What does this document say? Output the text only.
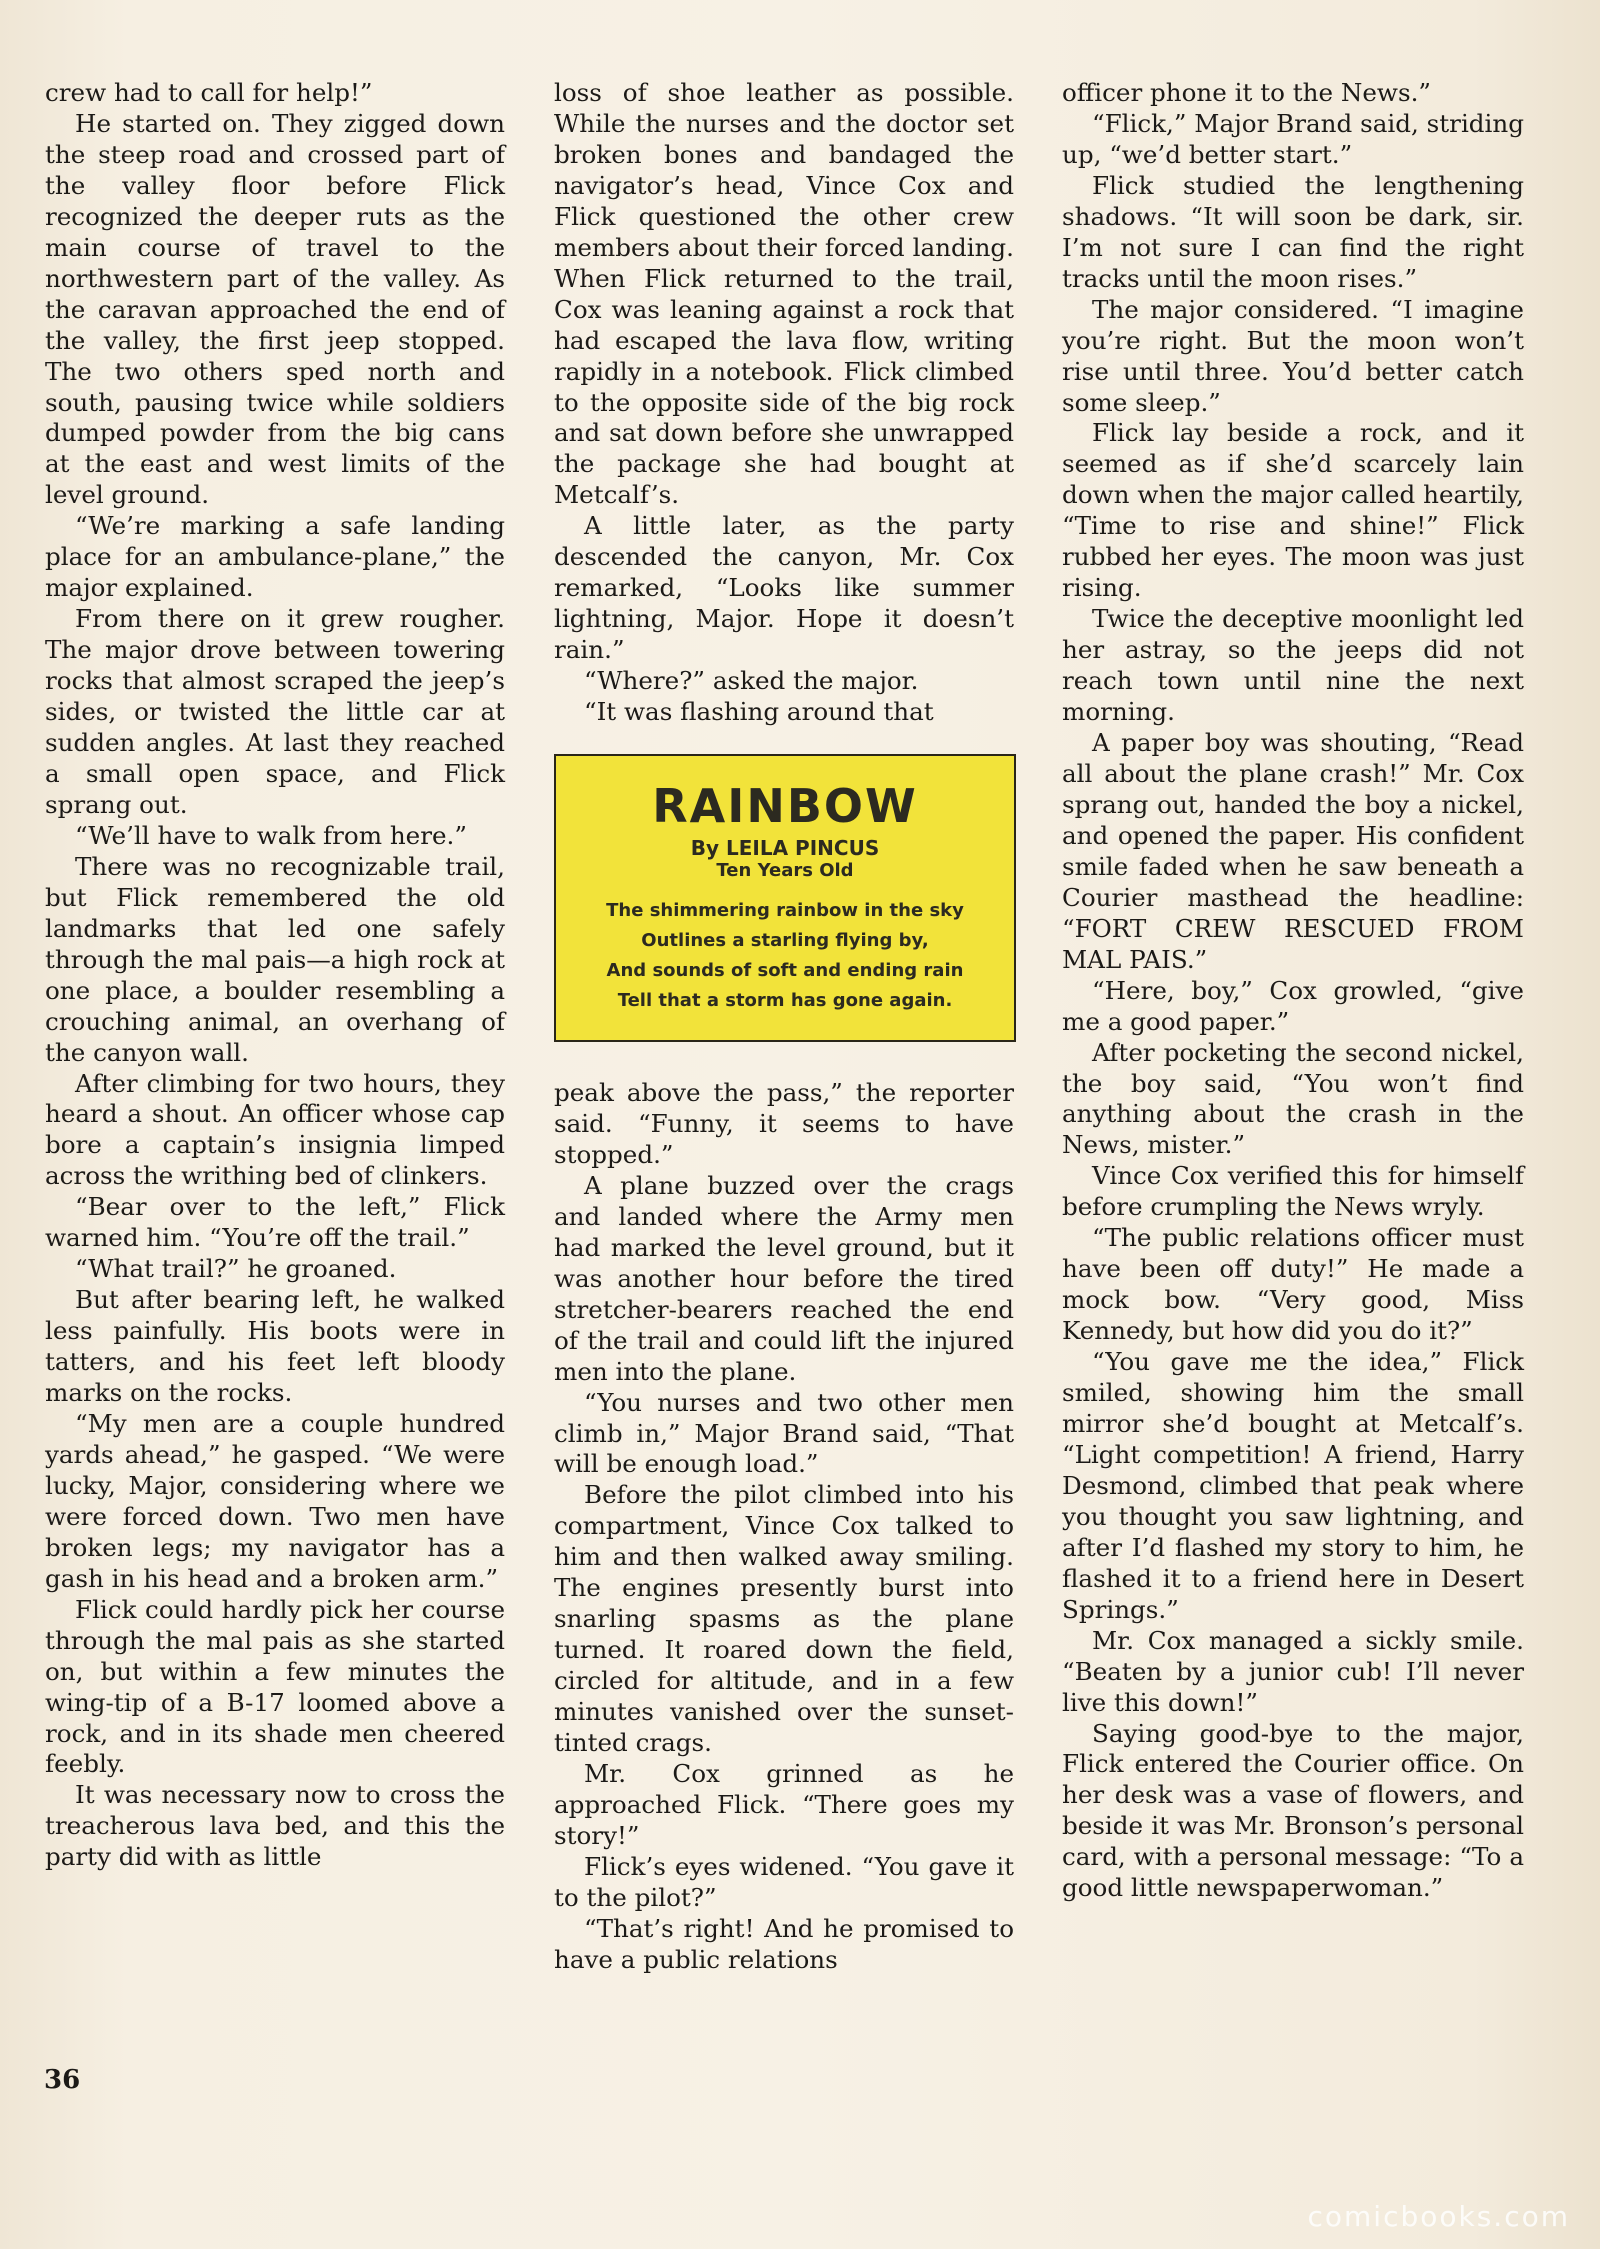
crew had to call for help!”

He started on. They zigged down the steep road and crossed part of the valley floor before Flick recognized the deeper ruts as the main course of travel to the northwestern part of the valley. As the caravan approached the end of the valley, the first jeep stopped. The two others sped north and south, pausing twice while soldiers dumped powder from the big cans at the east and west limits of the level ground.

“We’re marking a safe landing place for an ambulance-plane,” the major explained.

From there on it grew rougher. The major drove between towering rocks that almost scraped the jeep’s sides, or twisted the little car at sudden angles. At last they reached a small open space, and Flick sprang out.

“We’ll have to walk from here.”

There was no recognizable trail, but Flick remembered the old landmarks that led one safely through the mal pais—a high rock at one place, a boulder resembling a crouching animal, an overhang of the canyon wall.

After climbing for two hours, they heard a shout. An officer whose cap bore a captain’s insignia limped across the writhing bed of clinkers.

“Bear over to the left,” Flick warned him. “You’re off the trail.”

“What trail?” he groaned.

But after bearing left, he walked less painfully. His boots were in tatters, and his feet left bloody marks on the rocks.

“My men are a couple hundred yards ahead,” he gasped. “We were lucky, Major, considering where we were forced down. Two men have broken legs; my navigator has a gash in his head and a broken arm.”

Flick could hardly pick her course through the mal pais as she started on, but within a few minutes the wing-tip of a B-17 loomed above a rock, and in its shade men cheered feebly.

It was necessary now to cross the treacherous lava bed, and this the party did with as little

loss of shoe leather as possible. While the nurses and the doctor set broken bones and bandaged the navigator’s head, Vince Cox and Flick questioned the other crew members about their forced landing. When Flick returned to the trail, Cox was leaning against a rock that had escaped the lava flow, writing rapidly in a notebook. Flick climbed to the opposite side of the big rock and sat down before she unwrapped the package she had bought at Metcalf’s.

A little later, as the party descended the canyon, Mr. Cox remarked, “Looks like summer lightning, Major. Hope it doesn’t rain.”

“Where?” asked the major.

“It was flashing around that

RAINBOW
By LEILA PINCUS
Ten Years Old
The shimmering rainbow in the sky
Outlines a starling flying by,
And sounds of soft and ending rain
Tell that a storm has gone again.

peak above the pass,” the reporter said. “Funny, it seems to have stopped.”

A plane buzzed over the crags and landed where the Army men had marked the level ground, but it was another hour before the tired stretcher-bearers reached the end of the trail and could lift the injured men into the plane.

“You nurses and two other men climb in,” Major Brand said, “That will be enough load.”

Before the pilot climbed into his compartment, Vince Cox talked to him and then walked away smiling. The engines presently burst into snarling spasms as the plane turned. It roared down the field, circled for altitude, and in a few minutes vanished over the sunset-tinted crags.

Mr. Cox grinned as he approached Flick. “There goes my story!”

Flick’s eyes widened. “You gave it to the pilot?”

“That’s right! And he promised to have a public relations

officer phone it to the News.”

“Flick,” Major Brand said, striding up, “we’d better start.”

Flick studied the lengthening shadows. “It will soon be dark, sir. I’m not sure I can find the right tracks until the moon rises.”

The major considered. “I imagine you’re right. But the moon won’t rise until three. You’d better catch some sleep.”

Flick lay beside a rock, and it seemed as if she’d scarcely lain down when the major called heartily, “Time to rise and shine!” Flick rubbed her eyes. The moon was just rising.

Twice the deceptive moonlight led her astray, so the jeeps did not reach town until nine the next morning.

A paper boy was shouting, “Read all about the plane crash!” Mr. Cox sprang out, handed the boy a nickel, and opened the paper. His confident smile faded when he saw beneath a Courier masthead the headline: “FORT CREW RESCUED FROM MAL PAIS.”

“Here, boy,” Cox growled, “give me a good paper.”

After pocketing the second nickel, the boy said, “You won’t find anything about the crash in the News, mister.”

Vince Cox verified this for himself before crumpling the News wryly.

“The public relations officer must have been off duty!” He made a mock bow. “Very good, Miss Kennedy, but how did you do it?”

“You gave me the idea,” Flick smiled, showing him the small mirror she’d bought at Metcalf’s. “Light competition! A friend, Harry Desmond, climbed that peak where you thought you saw lightning, and after I’d flashed my story to him, he flashed it to a friend here in Desert Springs.”

Mr. Cox managed a sickly smile. “Beaten by a junior cub! I’ll never live this down!”

Saying good-bye to the major, Flick entered the Courier office. On her desk was a vase of flowers, and beside it was Mr. Bronson’s personal card, with a personal message: “To a good little newspaperwoman.”

36
comicbooks.com
